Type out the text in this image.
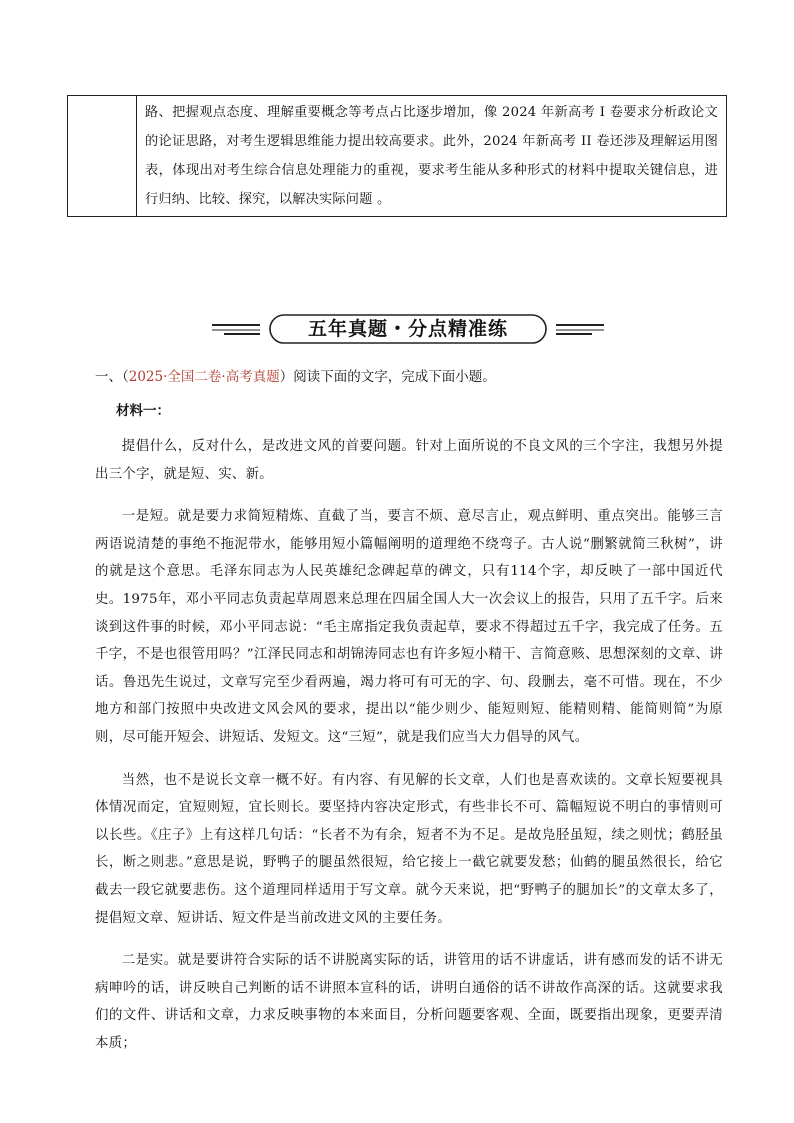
路、把握观点态度、理解重要概念等考点占比逐步增加，像 2024 年新高考 I 卷要求分析政论文的论证思路，对考生逻辑思维能力提出较高要求。此外，2024 年新高考 II 卷还涉及理解运用图表，体现出对考生综合信息处理能力的重视，要求考生能从多种形式的材料中提取关键信息，进行归纳、比较、探究，以解决实际问题 。

五年真题・分点精准练
一、（2025·全国二卷·高考真题）阅读下面的文字，完成下面小题。
材料一：

提倡什么，反对什么，是改进文风的首要问题。针对上面所说的不良文风的三个字注，我想另外提出三个字，就是短、实、新。

一是短。就是要力求简短精炼、直截了当，要言不烦、意尽言止，观点鲜明、重点突出。能够三言两语说清楚的事绝不拖泥带水，能够用短小篇幅阐明的道理绝不绕弯子。古人说“删繁就简三秋树”，讲的就是这个意思。毛泽东同志为人民英雄纪念碑起草的碑文，只有114个字，却反映了一部中国近代史。1975年，邓小平同志负责起草周恩来总理在四届全国人大一次会议上的报告，只用了五千字。后来谈到这件事的时候，邓小平同志说：“毛主席指定我负责起草，要求不得超过五千字，我完成了任务。五千字，不是也很管用吗？”江泽民同志和胡锦涛同志也有许多短小精干、言简意赅、思想深刻的文章、讲话。鲁迅先生说过，文章写完至少看两遍，竭力将可有可无的字、句、段删去，毫不可惜。现在，不少地方和部门按照中央改进文风会风的要求，提出以“能少则少、能短则短、能精则精、能简则简”为原则，尽可能开短会、讲短话、发短文。这“三短”，就是我们应当大力倡导的风气。

当然，也不是说长文章一概不好。有内容、有见解的长文章，人们也是喜欢读的。文章长短要视具体情况而定，宜短则短，宜长则长。要坚持内容决定形式，有些非长不可、篇幅短说不明白的事情则可以长些。《庄子》上有这样几句话：“长者不为有余，短者不为不足。是故凫胫虽短，续之则忧；鹤胫虽长，断之则悲。”意思是说，野鸭子的腿虽然很短，给它接上一截它就要发愁；仙鹤的腿虽然很长，给它截去一段它就要悲伤。这个道理同样适用于写文章。就今天来说，把“野鸭子的腿加长”的文章太多了，提倡短文章、短讲话、短文件是当前改进文风的主要任务。

二是实。就是要讲符合实际的话不讲脱离实际的话，讲管用的话不讲虚话，讲有感而发的话不讲无病呻吟的话，讲反映自己判断的话不讲照本宣科的话，讲明白通俗的话不讲故作高深的话。这就要求我们的文件、讲话和文章，力求反映事物的本来面目，分析问题要客观、全面，既要指出现象，更要弄清本质；
